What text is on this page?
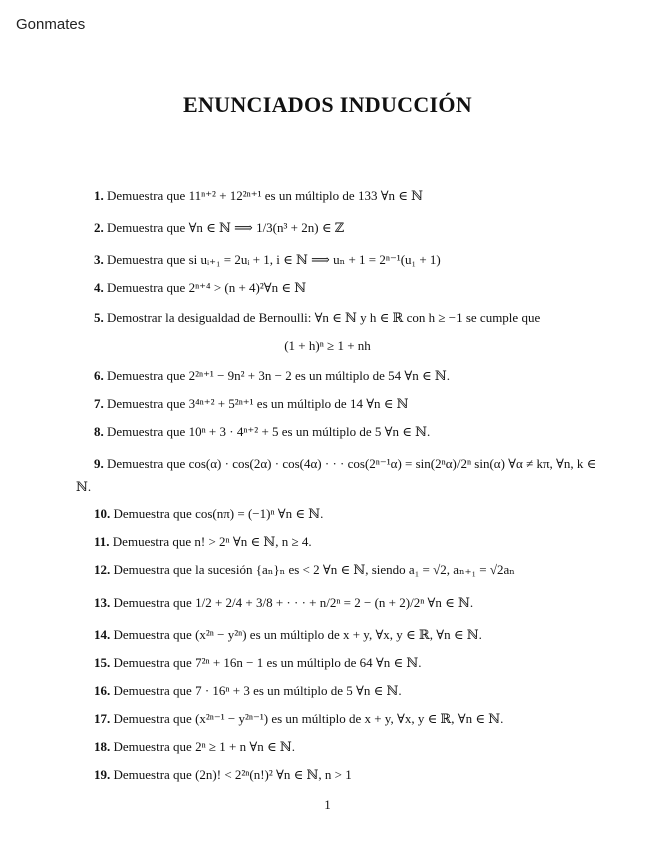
Gonmates
ENUNCIADOS INDUCCIÓN
1. Demuestra que 11ⁿ⁺² + 12²ⁿ⁺¹ es un múltiplo de 133 ∀n ∈ ℕ
2. Demuestra que ∀n ∈ ℕ ⟹ 1/3(n³ + 2n) ∈ ℤ
3. Demuestra que si uᵢ₊₁ = 2uᵢ + 1, i ∈ ℕ ⟹ uₙ + 1 = 2ⁿ⁻¹(u₁ + 1)
4. Demuestra que 2ⁿ⁺⁴ > (n + 4)²∀n ∈ ℕ
5. Demostrar la desigualdad de Bernoulli: ∀n ∈ ℕ y h ∈ ℝ con h ≥ −1 se cumple que
(1 + h)ⁿ ≥ 1 + nh
6. Demuestra que 2²ⁿ⁺¹ − 9n² + 3n − 2 es un múltiplo de 54 ∀n ∈ ℕ.
7. Demuestra que 3⁴ⁿ⁺² + 5²ⁿ⁺¹ es un múltiplo de 14 ∀n ∈ ℕ
8. Demuestra que 10ⁿ + 3 · 4ⁿ⁺² + 5 es un múltiplo de 5 ∀n ∈ ℕ.
9. Demuestra que cos(α) · cos(2α) · cos(4α) · · · cos(2ⁿ⁻¹α) = sin(2ⁿα)/2ⁿ sin(α) ∀α ≠ kπ, ∀n, k ∈
ℕ.
10. Demuestra que cos(nπ) = (−1)ⁿ ∀n ∈ ℕ.
11. Demuestra que n! > 2ⁿ ∀n ∈ ℕ, n ≥ 4.
12. Demuestra que la sucesión {aₙ}ₙ es < 2 ∀n ∈ ℕ, siendo a₁ = √2, aₙ₊₁ = √2aₙ
13. Demuestra que 1/2 + 2/4 + 3/8 + · · · + n/2ⁿ = 2 − (n + 2)/2ⁿ ∀n ∈ ℕ.
14. Demuestra que (x²ⁿ − y²ⁿ) es un múltiplo de x + y, ∀x, y ∈ ℝ, ∀n ∈ ℕ.
15. Demuestra que 7²ⁿ + 16n − 1 es un múltiplo de 64 ∀n ∈ ℕ.
16. Demuestra que 7 · 16ⁿ + 3 es un múltiplo de 5 ∀n ∈ ℕ.
17. Demuestra que (x²ⁿ⁻¹ − y²ⁿ⁻¹) es un múltiplo de x + y, ∀x, y ∈ ℝ, ∀n ∈ ℕ.
18. Demuestra que 2ⁿ ≥ 1 + n ∀n ∈ ℕ.
19. Demuestra que (2n)! < 2²ⁿ(n!)² ∀n ∈ ℕ, n > 1
1
